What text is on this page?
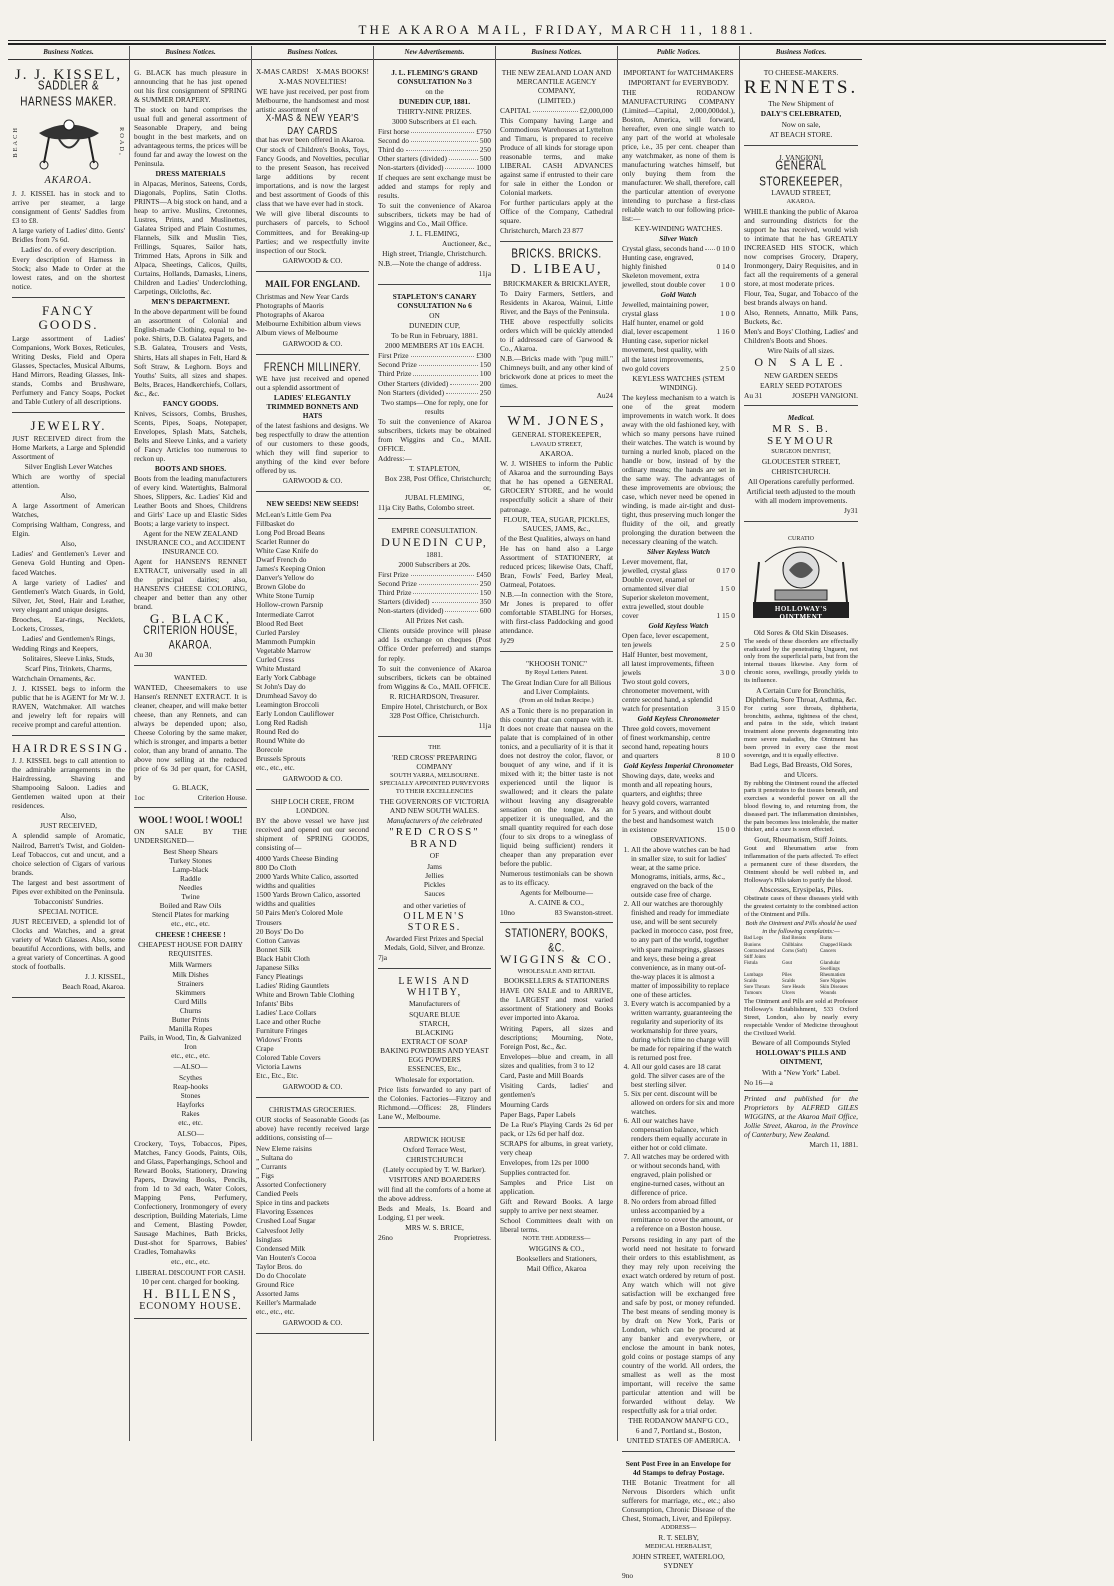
THE AKAROA MAIL, FRIDAY, MARCH 11, 1881.
Business Notices.
J. J. KISSEL,
SADDLER & HARNESS MAKER.
BEACH	ROAD,
AKAROA.

J. J. KISSEL has in stock and to arrive per steamer, a large consignment of Gents' Saddles from £3 to £8.

A large variety of Ladies' ditto. Gents' Bridles from 7s 6d.

Ladies' do. of every description.

Every description of Harness in Stock; also Made to Order at the lowest rates, and on the shortest notice.

FANCY GOODS.

Large assortment of Ladies' Companions, Work Boxes, Reticules, Writing Desks, Field and Opera Glasses, Spectacles, Musical Albums, Hand Mirrors, Reading Glasses, Ink-stands, Combs and Brushware, Perfumery and Fancy Soaps, Pocket and Table Cutlery of all descriptions.

JEWELRY.

JUST RECEIVED direct from the Home Markets, a Large and Splendid Assortment of

Silver English Lever Watches

Which are worthy of special attention.

Also,

A large Assortment of American Watches,

Comprising Waltham, Congress, and Elgin.

Also,

Ladies' and Gentlemen's Lever and Geneva Gold Hunting and Open-faced Watches.

A large variety of Ladies' and Gentlemen's Watch Guards, in Gold, Silver, Jet, Steel, Hair and Leather, very elegant and unique designs.

Brooches, Ear-rings, Necklets, Lockets, Crosses,

Ladies' and Gentlemen's Rings,

Wedding Rings and Keepers,

Solitaires, Sleeve Links, Studs,

Scarf Pins, Trinkets, Charms,

Watchchain Ornaments, &c.

J. J. KISSEL begs to inform the public that he is AGENT for Mr W. J. RAVEN, Watchmaker. All watches and jewelry left for repairs will receive prompt and careful attention.

HAIRDRESSING.

J. J. KISSEL begs to call attention to the admirable arrangements in the Hairdressing, Shaving and Shampooing Saloon. Ladies and Gentlemen waited upon at their residences.

Also,

JUST RECEIVED,

A splendid sample of Aromatic, Nailrod, Barrett's Twist, and Golden-Leaf Tobaccos, cut and uncut, and a choice selection of Cigars of various brands.

The largest and best assortment of Pipes ever exhibited on the Peninsula.

Tobacconists' Sundries.

SPECIAL NOTICE.

JUST RECEIVED, a splendid lot of Clocks and Watches, and a great variety of Watch Glasses. Also, some beautiful Accordions, with bells, and a great variety of Concertinas. A good stock of footballs.

J. J. KISSEL,

Beach Road, Akaroa.

Business Notices.

G. BLACK has much pleasure in announcing that he has just opened out his first consignment of SPRING & SUMMER DRAPERY.

The stock on hand comprises the usual full and general assortment of Seasonable Drapery, and being bought in the best markets, and on advantageous terms, the prices will be found far and away the lowest on the Peninsula.

DRESS MATERIALS

in Alpacas, Merinos, Sateens, Cords, Diagonals, Poplins, Satin Cloths. PRINTS—A big stock on hand, and a heap to arrive. Muslins, Cretonnes, Lustres, Prints, and Muslinettes, Galatea Striped and Plain Costumes, Flannels, Silk and Muslin Ties, Frillings, Squares, Sailor hats, Trimmed Hats, Aprons in Silk and Alpaca, Sheetings, Calicos, Quilts, Curtains, Hollands, Damasks, Linens, Children and Ladies' Underclothing, Carpetings, Oilcloths, &c.

MEN'S DEPARTMENT.

In the above department will be found an assortment of Colonial and English-made Clothing, equal to be-poke. Shirts, D.B. Galatea Pagets, and S.B. Galatea, Trousers and Vests, Shirts, Hats all shapes in Felt, Hard & Soft Straw, & Leghorn. Boys and Youths' Suits, all sizes and shapes. Belts, Braces, Handkerchiefs, Collars, &c., &c.

FANCY GOODS.

Knives, Scissors, Combs, Brushes, Scents, Pipes, Soaps, Notepaper, Envelopes, Splash Mats, Satchels, Belts and Sleeve Links, and a variety of Fancy Articles too numerous to reckon up.

BOOTS AND SHOES.

Boots from the leading manufacturers of every kind. Watertights, Balmoral Shoes, Slippers, &c. Ladies' Kid and Leather Boots and Shoes, Childrens and Girls' Lace up and Elastic Sides Boots; a large variety to inspect.

Agent for the NEW ZEALAND INSURANCE CO., and ACCIDENT INSURANCE CO.

Agent for HANSEN'S RENNET EXTRACT, universally used in all the principal dairies; also, HANSEN'S CHEESE COLORING, cheaper and better than any other brand.

G. BLACK,
CRITERION HOUSE, AKAROA.

Au 30

WANTED.

WANTED, Cheesemakers to use Hansen's RENNET EXTRACT. It is cleaner, cheaper, and will make better cheese, than any Rennets, and can always be depended upon; also, Cheese Coloring by the same maker, which is stronger, and imparts a better color, than any brand of annatto. The above now selling at the reduced price of 6s 3d per quart, for CASH, by

G. BLACK,

1oc	Criterion House.

WOOL ! WOOL ! WOOL!

ON SALE BY THE UNDERSIGNED—

Best Sheep Shears
Turkey Stones
Lamp-black
Raddle
Needles
Twine
Boiled and Raw Oils
Stencil Plates for marking
etc., etc., etc.

CHEESE ! CHEESE !

CHEAPEST HOUSE FOR DAIRY REQUISITES.

Milk Warmers
Milk Dishes
Strainers
Skimmers
Curd Mills
Churns
Butter Prints
Manilla Ropes
Pails, in Wood, Tin, & Galvanized Iron
etc., etc., etc.

—ALSO—

Scythes
Reap-hooks
Stones
Hayforks
Rakes
etc., etc.

ALSO—

Crockery, Toys, Tobaccos, Pipes, Matches, Fancy Goods, Paints, Oils, and Glass, Paperhangings, School and Reward Books, Stationery, Drawing Papers, Drawing Books, Pencils, from 1d to 3d each, Water Colors, Mapping Pens, Perfumery, Confectionery, Ironmongery of every description, Building Materials, Lime and Cement, Blasting Powder, Sausage Machines, Bath Bricks, Dust-shot for Sparrows, Babies' Cradles, Tomahawks

etc., etc., etc.

LIBERAL DISCOUNT FOR CASH. 10 per cent. charged for booking.

H. BILLENS,
ECONOMY HOUSE.
Business Notices.
X-MAS CARDS! X-MAS BOOKS!

X-MAS NOVELTIES!

WE have just received, per post from Melbourne, the handsomest and most artistic assortment of

X-MAS & NEW YEAR'S DAY CARDS

that has ever been offered in Akaroa.

Our stock of Children's Books, Toys, Fancy Goods, and Novelties, peculiar to the present Season, has received large additions by recent importations, and is now the largest and best assortment of Goods of this class that we have ever had in stock.

We will give liberal discounts to purchasers of parcels, to School Committees, and for Breaking-up Parties; and we respectfully invite inspection of our Stock.

GARWOOD & CO.

MAIL FOR ENGLAND.

Christmas and New Year Cards
Photographs of Maoris
Photographs of Akaroa
Melbourne Exhibition album views
Album views of Melbourne

GARWOOD & CO.

FRENCH MILLINERY.

WE have just received and opened out a splendid assortment of

LADIES' ELEGANTLY TRIMMED BONNETS AND HATS

of the latest fashions and designs. We beg respectfully to draw the attention of our customers to these goods, which they will find superior to anything of the kind ever before offered by us.

GARWOOD & CO.

NEW SEEDS! NEW SEEDS!

McLean's Little Gem Pea
Fillbasket do
Long Pod Broad Beans
Scarlet Runner do
White Case Knife do
Dwarf French do
James's Keeping Onion
Danver's Yellow do
Brown Globe do
White Stone Turnip
Hollow-crown Parsnip
Intermediate Carrot
Blood Red Beet
Curled Parsley
Mammoth Pumpkin
Vegetable Marrow
Curled Cress
White Mustard
Early York Cabbage
St John's Day do
Drumhead Savoy do
Leamington Broccoli
Early London Cauliflower
Long Red Radish
Round Red do
Round White do
Borecole
Brussels Sprouts
etc., etc., etc.

GARWOOD & CO.

SHIP LOCH CREE, FROM LONDON.

BY the above vessel we have just received and opened out our second shipment of SPRING GOODS, consisting of—

4000 Yards Cheese Binding
800 Do Cloth
2000 Yards White Calico, assorted widths and qualities
1500 Yards Brown Calico, assorted widths and qualities
50 Pairs Men's Colored Mole Trousers
20 Boys' Do Do
Cotton Canvas
Bonnet Silk
Black Habit Cloth
Japanese Silks
Fancy Pleatings
Ladies' Riding Gauntlets
White and Brown Table Clothing
Infants' Bibs
Ladies' Lace Collars
Lace and other Ruche
Furniture Fringes
Widows' Fronts
Crape
Colored Table Covers
Victoria Lawns
Etc., Etc., Etc.

GARWOOD & CO.

CHRISTMAS GROCERIES.

OUR stocks of Seasonable Goods (as above) have recently received large additions, consisting of—

New Eleme raisins
„ Sultana do
„ Currants
„ Figs
Assorted Confectionery
Candied Peels
Spice in tins and packets
Flavoring Essences
Crushed Loaf Sugar
Calvesfoot Jelly
Isinglass
Condensed Milk
Van Houten's Cocoa
Taylor Bros. do
Do do Chocolate
Ground Rice
Assorted Jams
Keiller's Marmalade
etc., etc., etc.

GARWOOD & CO.

New Advertisements.

J. L. FLEMING'S GRAND CONSULTATION No 3

on the

DUNEDIN CUP, 1881.

THIRTY-NINE PRIZES.

3000 Subscribers at £1 each.

First horse	£750
Second do	500
Third do	250
Other starters (divided)	500
Non-starters (divided)	1000

If cheques are sent exchange must be added and stamps for reply and results.

To suit the convenience of Akaroa subscribers, tickets may be had of Wiggins and Co., Mail Office.

J. L. FLEMING,

Auctioneer, &c.,

High street, Triangle, Christchurch.

N.B.—Note the change of address.

11ja

STAPLETON'S CANARY CONSULTATION No 6

ON

DUNEDIN CUP,

To be Run in February, 1881.

2000 MEMBERS AT 10s EACH.

First Prize	£300
Second Prize	150
Third Prize	100
Other Starters (divided)	200
Non Starters (divided)	250

Two stamps—One for reply, one for results

To suit the convenience of Akaroa subscribers, tickets may be obtained from Wiggins and Co., MAIL OFFICE.

Address:—

T. STAPLETON,

Box 238, Post Office, Christchurch; or,

JUBAL FLEMING,

11ja City Baths, Colombo street.

EMPIRE CONSULTATION.

DUNEDIN CUP,

1881.

2000 Subscribers at 20s.

First Prize	£450
Second Prize	250
Third Prize	150
Starters (divided)	350
Non-starters (divided)	600

All Prizes Net cash.

Clients outside province will please add 1s exchange on cheques (Post Office Order preferred) and stamps for reply.

To suit the convenience of Akaroa subscribers, tickets can be obtained from Wiggins & Co., MAIL OFFICE.

R. RICHARDSON, Treasurer.

Empire Hotel, Christchurch, or Box 328 Post Office, Christchurch.

11ja

THE

'RED CROSS' PREPARING COMPANY

SOUTH YARRA, MELBOURNE.

SPECIALLY APPOINTED PURVEYORS TO THEIR EXCELLENCIES

THE GOVERNORS OF VICTORIA AND NEW SOUTH WALES.

Manufacturers of the celebrated

"RED CROSS" BRAND

OF

Jams
Jellies
Pickles
Sauces

and other varieties of

OILMEN'S STORES.

Awarded First Prizes and Special Medals, Gold, Silver, and Bronze.

7ja

LEWIS AND WHITBY,

Manufacturers of

SQUARE BLUE
STARCH,
BLACKING
EXTRACT OF SOAP
BAKING POWDERS AND YEAST
EGG POWDERS
ESSENCES, Etc.,

Wholesale for exportation.

Price lists forwarded to any part of the Colonies. Factories—Fitzroy and Richmond.—Offices: 28, Flinders Lane W., Melbourne.

ARDWICK HOUSE

Oxford Terrace West,

CHRISTCHURCH

(Lately occupied by T. W. Barker).

VISITORS AND BOARDERS

will find all the comforts of a home at the above address.

Beds and Meals, 1s. Board and Lodging, £1 per week.

MRS W. S. BRICE,

26no	Proprietress.
Business Notices.

THE NEW ZEALAND LOAN AND MERCANTILE AGENCY COMPANY,

(LIMITED.)

CAPITAL	£2,000,000

This Company having Large and Commodious Warehouses at Lyttelton and Timaru, is prepared to receive Produce of all kinds for storage upon reasonable terms, and make LIBERAL CASH ADVANCES against same if entrusted to their care for sale in either the London or Colonial markets.

For further particulars apply at the Office of the Company, Cathedral square.

Christchurch, March 23 877

BRICKS. BRICKS.

D. LIBEAU,

BRICKMAKER & BRICKLAYER,

To Dairy Farmers, Settlers, and Residents in Akaroa, Wainui, Little River, and the Bays of the Peninsula.

THE above respectfully solicits orders which will be quickly attended to if addressed care of Garwood & Co., Akaroa.

N.B.—Bricks made with "pug mill." Chimneys built, and any other kind of brickwork done at prices to meet the times.

Au24

WM. JONES,

GENERAL STOREKEEPER,

LAVAUD STREET,

AKAROA.

W. J. WISHES to inform the Public of Akaroa and the surrounding Bays that he has opened a GENERAL GROCERY STORE, and he would respectfully solicit a share of their patronage.

FLOUR, TEA, SUGAR, PICKLES, SAUCES, JAMS, &c.,

of the Best Qualities, always on hand

He has on hand also a Large Assortment of STATIONERY, at reduced prices; likewise Oats, Chaff, Bran, Fowls' Feed, Barley Meal, Oatmeal, Potatoes.

N.B.—In connection with the Store, Mr Jones is prepared to offer comfortable STABLING for Horses, with first-class Paddocking and good attendance.

Jy29

"KHOOSH TONIC"

By Royal Letters Patent.

The Great Indian Cure for all Bilious and Liver Complaints.

(From an old Indian Recipe.)

AS a Tonic there is no preparation in this country that can compare with it. It does not create that nausea on the palate that is complained of in other tonics, and a peculiarity of it is that it does not destroy the color, flavor, or bouquet of any wine, and if it is mixed with it; the bitter taste is not experienced until the liquor is swallowed; and it clears the palate without leaving any disagreeable sensation on the tongue. As an appetizer it is unequalled, and the small quantity required for each dose (four to six drops to a wineglass of liquid being sufficient) renders it cheaper than any preparation ever before the public.

Numerous testimonials can be shown as to its efficacy.

Agents for Melbourne—

A. CAINE & CO.,

10no	83 Swanston-street.

STATIONERY, BOOKS, &C.

WIGGINS & CO.

WHOLESALE AND RETAIL

BOOKSELLERS & STATIONERS

HAVE ON SALE and to ARRIVE, the LARGEST and most varied assortment of Stationery and Books ever imported into Akaroa.

Writing Papers, all sizes and descriptions; Mourning, Note, Foreign Post, &c., &c.

Envelopes—blue and cream, in all sizes and qualities, from 3 to 12

Card, Paste and Mill Boards

Visiting Cards, ladies' and gentlemen's

Mourning Cards

Paper Bags, Paper Labels

De La Rue's Playing Cards 2s 6d per pack, or 12s 6d per half doz.

SCRAPS for albums, in great variety, very cheap

Envelopes, from 12s per 1000

Supplies contracted for.

Samples and Price List on application.

Gift and Reward Books. A large supply to arrive per next steamer.

School Committees dealt with on liberal terms.

NOTE THE ADDRESS—

WIGGINS & CO.,

Booksellers and Stationers,

Mail Office, Akaroa

Public Notices.

IMPORTANT for WATCHMAKERS

IMPORTANT for EVERYBODY.

THE RODANOW MANUFACTURING COMPANY (Limited—Capital, 2,000,000dol.), Boston, America, will forward, hereafter, even one single watch to any part of the world at wholesale price, i.e., 35 per cent. cheaper than any watchmaker, as none of them is manufacturing watches himself, but only buying them from the manufacturer. We shall, therefore, call the particular attention of everyone intending to purchase a first-class reliable watch to our following price-list:—

KEY-WINDING WATCHES.

Silver Watch

Crystal glass, seconds hand 0 10 0
Hunting case, engraved, highly finished	0 14 0
Skeleton movement, extra jewelled, stout double cover	1 0 0

Gold Watch

Jewelled, maintaining power, crystal glass	1 0 0
Half hunter, enamel or gold dial, lever escapement	1 16 0
Hunting case, superior nickel movement, best quality, with all the latest improvements, two gold covers	2 5 0

KEYLESS WATCHES (STEM WINDING).

The keyless mechanism to a watch is one of the great modern improvements in watch work. It does away with the old fashioned key, with which so many persons have ruined their watches. The watch is wound by turning a nurled knob, placed on the handle or bow, instead of by the ordinary means; the hands are set in the same way. The advantages of these improvements are obvious; the case, which never need be opened in winding, is made air-tight and dust-tight, thus preserving much longer the fluidity of the oil, and greatly prolonging the duration between the necessary cleaning of the watch.

Silver Keyless Watch

Lever movement, flat, jewelled, crystal glass	0 17 0
Double cover, enamel or ornamented silver dial	1 5 0
Superior skeleton movement, extra jewelled, stout double cover	1 15 0

Gold Keyless Watch

Open face, lever escapement, ten jewels	2 5 0
Half Hunter, best movement, all latest improvements, fifteen jewels	3 0 0
Two stout gold covers, chronometer movement, with centre second hand, a splendid watch for presentation	3 15 0

Gold Keyless Chronometer

Three gold covers, movement of finest workmanship, centre second hand, repeating hours and quarters	8 10 0

Gold Keyless Imperial Chronometer

Showing days, date, weeks and month and all repeating hours, quarters, and eighths; three heavy gold covers, warranted for 5 years, and without doubt the best and handsomest watch in existence	15 0 0

OBSERVATIONS.

1. All the above watches can be had in smaller size, to suit for ladies' wear, at the same price. Monograms, initials, arms, &c., engraved on the back of the outside case free of charge.
2. All our watches are thoroughly finished and ready for immediate use, and will be sent securely packed in morocco case, post free, to any part of the world, together with spare mainsprings, glasses and keys, these being a great convenience, as in many out-of-the-way places it is almost a matter of impossibility to replace one of these articles.
3. Every watch is accompanied by a written warranty, guaranteeing the regularity and superiority of its workmanship for three years, during which time no charge will be made for repairing if the watch is returned post free.
4. All our gold cases are 18 carat gold. The silver cases are of the best sterling silver.
5. Six per cent. discount will be allowed on orders for six and more watches.
6. All our watches have compensation balance, which renders them equally accurate in either hot or cold climate.
7. All watches may be ordered with or without seconds hand, with engraved, plain polished or engine-turned cases, without an difference of price.
8. No orders from abroad filled unless accompanied by a remittance to cover the amount, or a reference on a Boston house.

Persons residing in any part of the world need not hesitate to forward their orders to this establishment, as they may rely upon receiving the exact watch ordered by return of post. Any watch which will not give satisfaction will be exchanged free and safe by post, or money refunded. The best means of sending money is by draft on New York, Paris or London, which can be procured at any banker and everywhere, or enclose the amount in bank notes, gold coins or postage stamps of any country of the world. All orders, the smallest as well as the most important, will receive the same particular attention and will be forwarded without delay. We respectfully ask for a trial order.

THE RODANOW MANF'G CO.,

6 and 7, Portland st., Boston,

UNITED STATES OF AMERICA.

Sent Post Free in an Envelope for 4d Stamps to defray Postage.

THE Botanic Treatment for all Nervous Disorders which unfit sufferers for marriage, etc., etc.; also Consumption, Chronic Disease of the Chest, Stomach, Liver, and Epilepsy.

ADDRESS—

R. T. SELBY,

MEDICAL HERBALIST,

JOHN STREET, WATERLOO, SYDNEY

9no

Business Notices.

TO CHEESE-MAKERS.

RENNETS.

The New Shipment of

DALY'S CELEBRATED,

Now on sale,

AT BEACH STORE.

J. VANGIONI,

GENERAL STOREKEEPER,

LAVAUD STREET,

AKAROA.

WHILE thanking the public of Akaroa and surrounding districts for the support he has received, would wish to intimate that he has GREATLY INCREASED HIS STOCK, which now comprises Grocery, Drapery, Ironmongery, Dairy Requisites, and in fact all the requirements of a general store, at most moderate prices.

Flour, Tea, Sugar, and Tobacco of the best brands always on hand.

Also, Rennets, Annatto, Milk Pans, Buckets, &c.

Men's and Boys' Clothing, Ladies' and Children's Boots and Shoes.

Wire Nails of all sizes.

ON SALE.

NEW GARDEN SEEDS

EARLY SEED POTATOES

Au 31	JOSEPH VANGIONI.

Medical.

MR S. B. SEYMOUR

SURGEON DENTIST,

GLOUCESTER STREET,

CHRISTCHURCH.

All Operations carefully performed.

Artificial teeth adjusted to the mouth with all modern improvements.

Jy31

CURATIO
HOLLOWAY'S OINTMENT

Old Sores & Old Skin Diseases.

The seeds of these disorders are effectually eradicated by the penetrating Unguent, not only from the superficial parts, but from the internal tissues likewise. Any form of chronic sores, swellings, proudly yields to its influence.

A Certain Cure for Bronchitis, Diphtheria, Sore Throat, Asthma, &c.

For curing sore throats, diphtheria, bronchitis, asthma, tightness of the chest, and pains in the side, which instant treatment alone prevents degenerating into more severe maladies, the Ointment has been proved in every case the most sovereign, and it is equally effective.

Bad Legs, Bad Breasts, Old Sores, and Ulcers.

By rubbing the Ointment round the affected parts it penetrates to the tissues beneath, and exercises a wonderful power on all the blood flowing to, and returning from, the diseased part. The inflammation diminishes, the pain becomes less intolerable, the matter thicker, and a cure is soon effected.

Gout, Rheumatism, Stiff Joints.

Gout and Rheumatism arise from inflammation of the parts affected. To effect a permanent cure of these disorders, the Ointment should be well rubbed in, and Holloway's Pills taken to purify the blood.

Abscesses, Erysipelas, Piles.

Obstinate cases of these diseases yield with the greatest certainty to the combined action of the Ointment and Pills.

Both the Ointment and Pills should be used in the following complaints:—

Bad Legs	Bad Breasts	Burns
Bunions	Chilblains	Chapped Hands
Contracted and Stiff Joints
Corns (Soft)	Cancers
Fistula	Gout	Glandular Swellings
Lumbago	Piles	Rheumatism
Scalds	Scalds	Sore Nipples
Sore Throats	Sore Heads	Skin Diseases
Tumours	Ulcers	Wounds

The Ointment and Pills are sold at Professor Holloway's Establishment, 533 Oxford Street, London, also by nearly every respectable Vendor of Medicine throughout the Civilized World.

Beware of all Compounds Styled

HOLLOWAY'S PILLS AND OINTMENT,

With a "New York" Label.

No 16—a

Printed and published for the Proprietors by ALFRED GILES WIGGINS, at the Akaroa Mail Office, Jollie Street, Akaroa, in the Province of Canterbury, New Zealand.

March 11, 1881.
